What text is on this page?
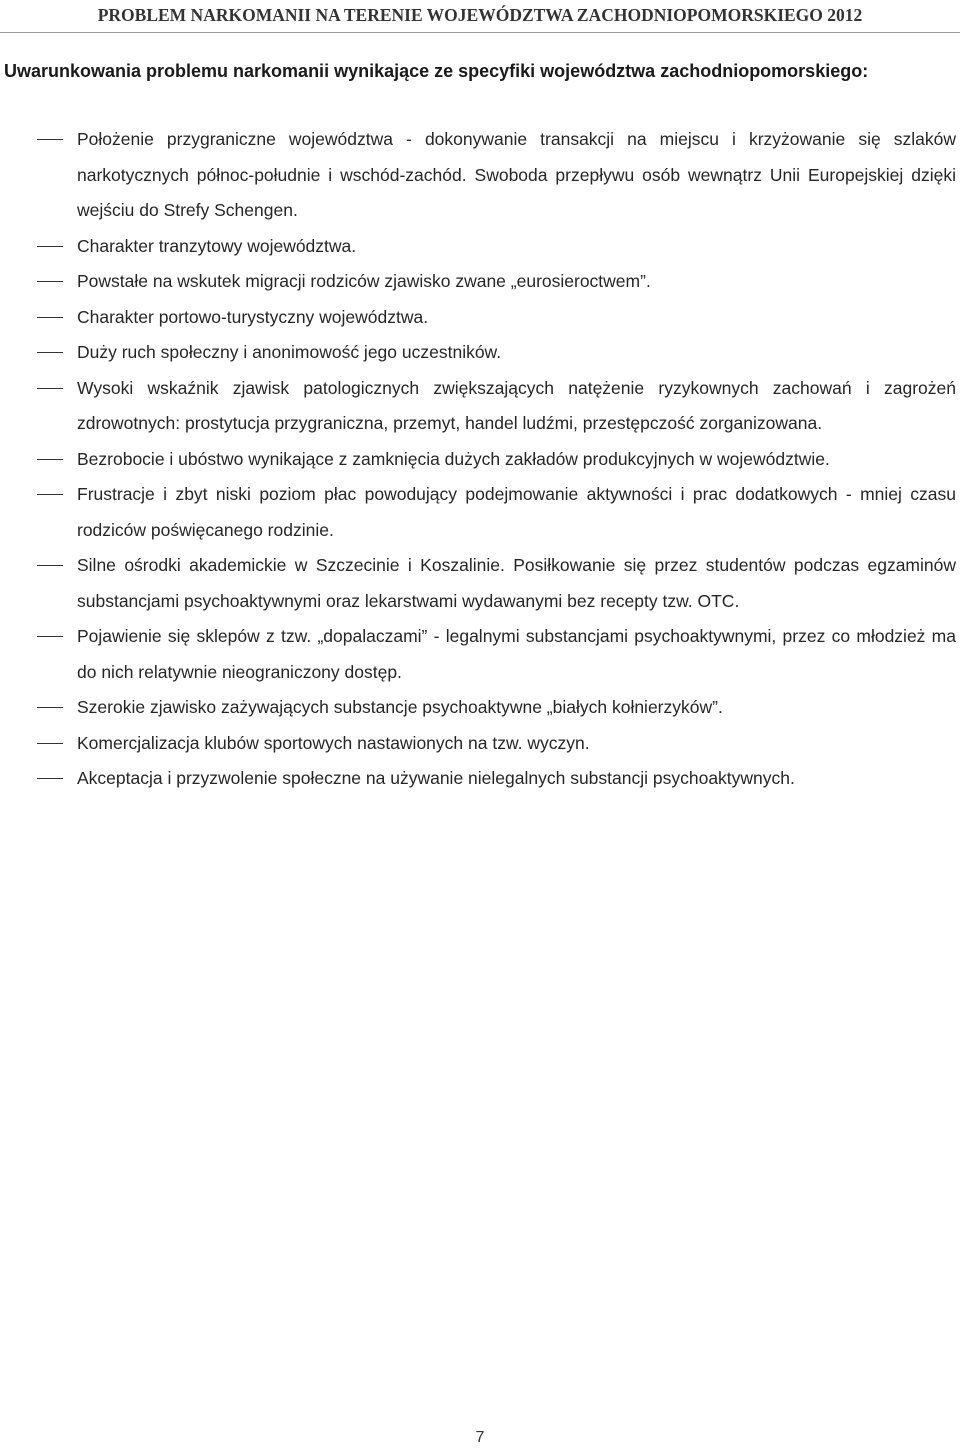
PROBLEM NARKOMANII NA TERENIE WOJEWÓDZTWA ZACHODNIOPOMORSKIEGO 2012
Uwarunkowania problemu narkomanii wynikające ze specyfiki województwa zachodniopomorskiego:
Położenie przygraniczne województwa - dokonywanie transakcji na miejscu i krzyżowanie się szlaków narkotycznych północ-południe i wschód-zachód. Swoboda przepływu osób wewnątrz Unii Europejskiej dzięki wejściu do Strefy Schengen.
Charakter tranzytowy województwa.
Powstałe na wskutek migracji rodziców zjawisko zwane „eurosieroctwem”.
Charakter portowo-turystyczny województwa.
Duży ruch społeczny i anonimowość jego uczestników.
Wysoki wskaźnik zjawisk patologicznych zwiększających natężenie ryzykownych zachowań i zagrożeń zdrowotnych: prostytucja przygraniczna, przemyt, handel ludźmi, przestępczość zorganizowana.
Bezrobocie i ubóstwo wynikające z zamknięcia dużych zakładów produkcyjnych w województwie.
Frustracje i zbyt niski poziom płac powodujący podejmowanie aktywności i prac dodatkowych - mniej czasu rodziców poświęcanego rodzinie.
Silne ośrodki akademickie w Szczecinie i Koszalinie. Posiłkowanie się przez studentów podczas egzaminów substancjami psychoaktywnymi oraz lekarstwami wydawanymi bez recepty tzw. OTC.
Pojawienie się sklepów z tzw. „dopalaczami” - legalnymi substancjami psychoaktywnymi, przez co młodzież ma do nich relatywnie nieograniczony dostęp.
Szerokie zjawisko zażywających substancje psychoaktywne „białych kołnierzyków”.
Komercjalizacja klubów sportowych nastawionych na tzw. wyczyn.
Akceptacja i przyzwolenie społeczne na używanie nielegalnych substancji psychoaktywnych.
7
